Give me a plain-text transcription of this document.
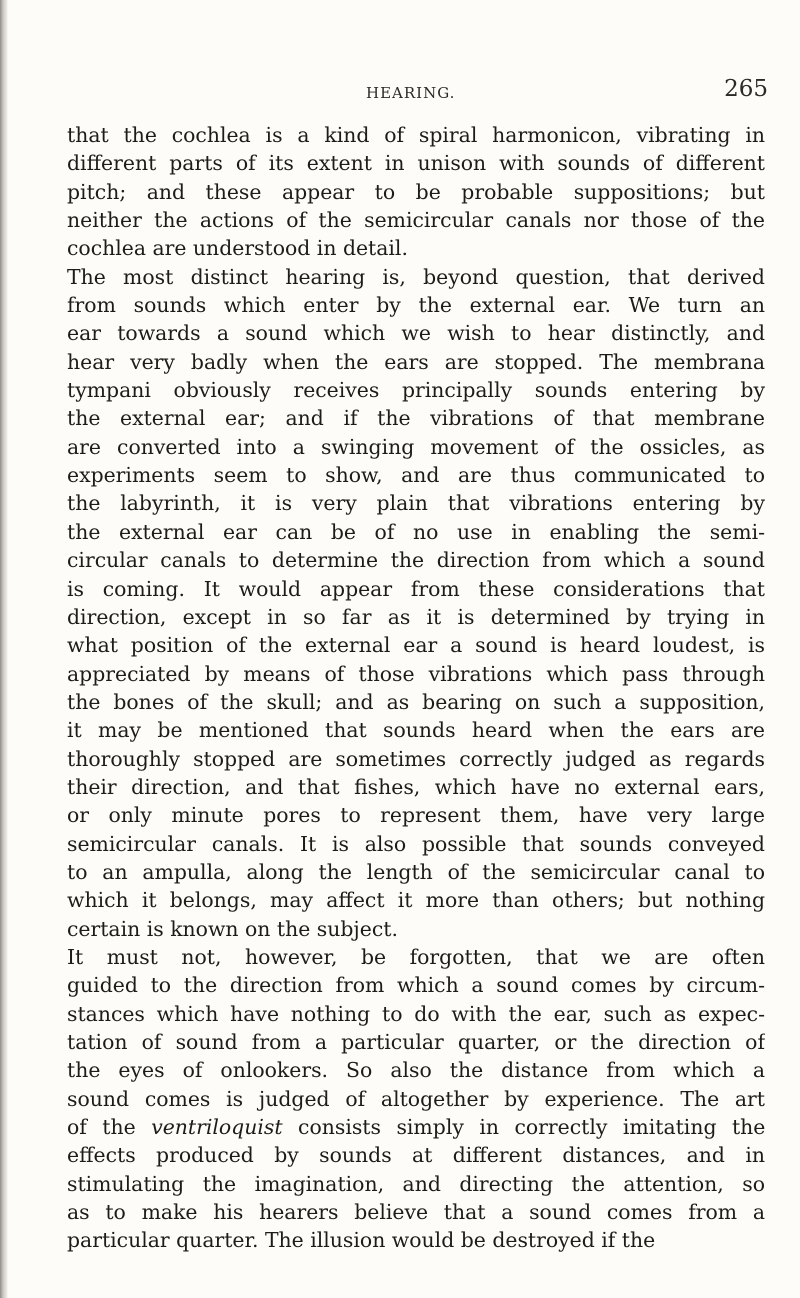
HEARING.	265
that the cochlea is a kind of spiral harmonicon, vibrating in
different parts of its extent in unison with sounds of different
pitch; and these appear to be probable suppositions; but
neither the actions of the semicircular canals nor those of the
cochlea are understood in detail.
The most distinct hearing is, beyond question, that derived
from sounds which enter by the external ear. We turn an
ear towards a sound which we wish to hear distinctly, and
hear very badly when the ears are stopped. The membrana
tympani obviously receives principally sounds entering by
the external ear; and if the vibrations of that membrane
are converted into a swinging movement of the ossicles, as
experiments seem to show, and are thus communicated to
the labyrinth, it is very plain that vibrations entering by
the external ear can be of no use in enabling the semi-
circular canals to determine the direction from which a sound
is coming. It would appear from these considerations that
direction, except in so far as it is determined by trying in
what position of the external ear a sound is heard loudest, is
appreciated by means of those vibrations which pass through
the bones of the skull; and as bearing on such a supposition,
it may be mentioned that sounds heard when the ears are
thoroughly stopped are sometimes correctly judged as regards
their direction, and that fishes, which have no external ears,
or only minute pores to represent them, have very large
semicircular canals. It is also possible that sounds conveyed
to an ampulla, along the length of the semicircular canal to
which it belongs, may affect it more than others; but nothing
certain is known on the subject.
It must not, however, be forgotten, that we are often
guided to the direction from which a sound comes by circum-
stances which have nothing to do with the ear, such as expec-
tation of sound from a particular quarter, or the direction of
the eyes of onlookers. So also the distance from which a
sound comes is judged of altogether by experience. The art
of the ventriloquist consists simply in correctly imitating the
effects produced by sounds at different distances, and in
stimulating the imagination, and directing the attention, so
as to make his hearers believe that a sound comes from a
particular quarter. The illusion would be destroyed if the
